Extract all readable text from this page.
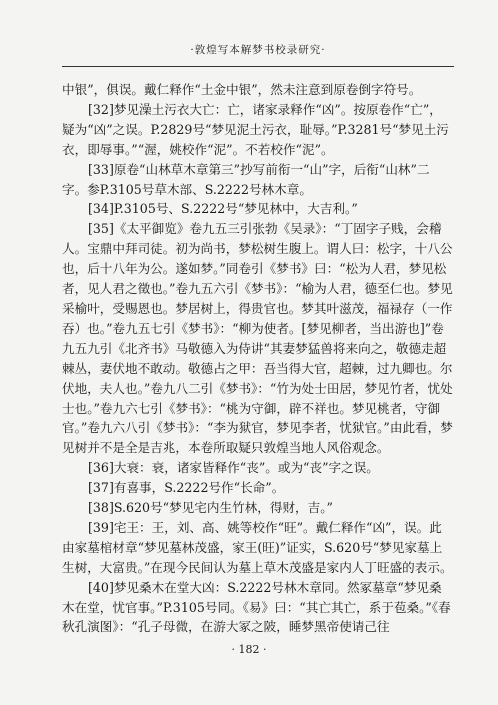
·敦煌写本解梦书校录研究·

中银”，俱误。戴仁释作“土金中银”，然未注意到原卷倒字符号。

[32]梦见澡土污衣大亡：亡，诸家录释作“凶”。按原卷作“亡”，疑为“凶”之误。P.2829号“梦见泥土污衣，耻辱。”P.3281号“梦见土污衣，即辱事。”“渥，姚校作“泥”。不若校作“泥”。

[33]原卷“山林草木章第三”抄写前衔一“山”字，后衔“山林”二字。参P.3105号草木部、S.2222号林木章。

[34]P.3105号、S.2222号“梦见林中，大吉利。”

[35]《太平御览》卷九五三引张勃《吴录》：“丁固字子贱，会稽人。宝鼎中拜司徒。初为尚书，梦松树生腹上。谓人曰：松字，十八公也，后十八年为公。遂如梦。”同卷引《梦书》曰：“松为人君，梦见松者，见人君之徵也。”卷九五六引《梦书》：“榆为人君，德至仁也。梦见采榆叶，受赐恩也。梦居树上，得贵官也。梦其叶滋茂，福禄存（一作吞）也。”卷九五七引《梦书》：“柳为使者。[梦见柳者，当出游也]”卷九五九引《北齐书》马敬德入为侍讲“其妻梦猛兽将来向之，敬德走超棘丛，妻伏地不敢动。敬德占之甲：吾当得大官，超棘，过九卿也。尔伏地，夫人也。”卷九八二引《梦书》：“竹为处士田居，梦见竹者，忧处士也。”卷九六七引《梦书》：“桃为守御，辟不祥也。梦见桃者，守御官。”卷九六八引《梦书》：“李为狱官，梦见李者，忧狱官。”由此看，梦见树并不是全是吉兆，本卷所取疑只敦煌当地人风俗观念。

[36]大衰：衰，诸家皆释作“丧”。或为“丧”字之误。

[37]有喜事，S.2222号作“长命”。

[38]S.620号“梦见宅内生竹林，得财，吉。”

[39]宅王：王，刘、高、姚等校作“旺”。戴仁释作“凶”，误。此由家墓棺材章“梦见墓林茂盛，家王(旺)”证实，S.620号“梦见家墓上生树，大富贵。”在现今民间认为墓上草木茂盛是家内人丁旺盛的表示。

[40]梦见桑木在堂大凶：S.2222号林木章同。然冢墓章“梦见桑木在堂，忧官事。”P.3105号同。《易》曰：“其亡其亡，系于苞桑。”《春秋孔演图》：“孔子母微，在游大冢之陂，睡梦黑帝使请己往

· 182 ·
